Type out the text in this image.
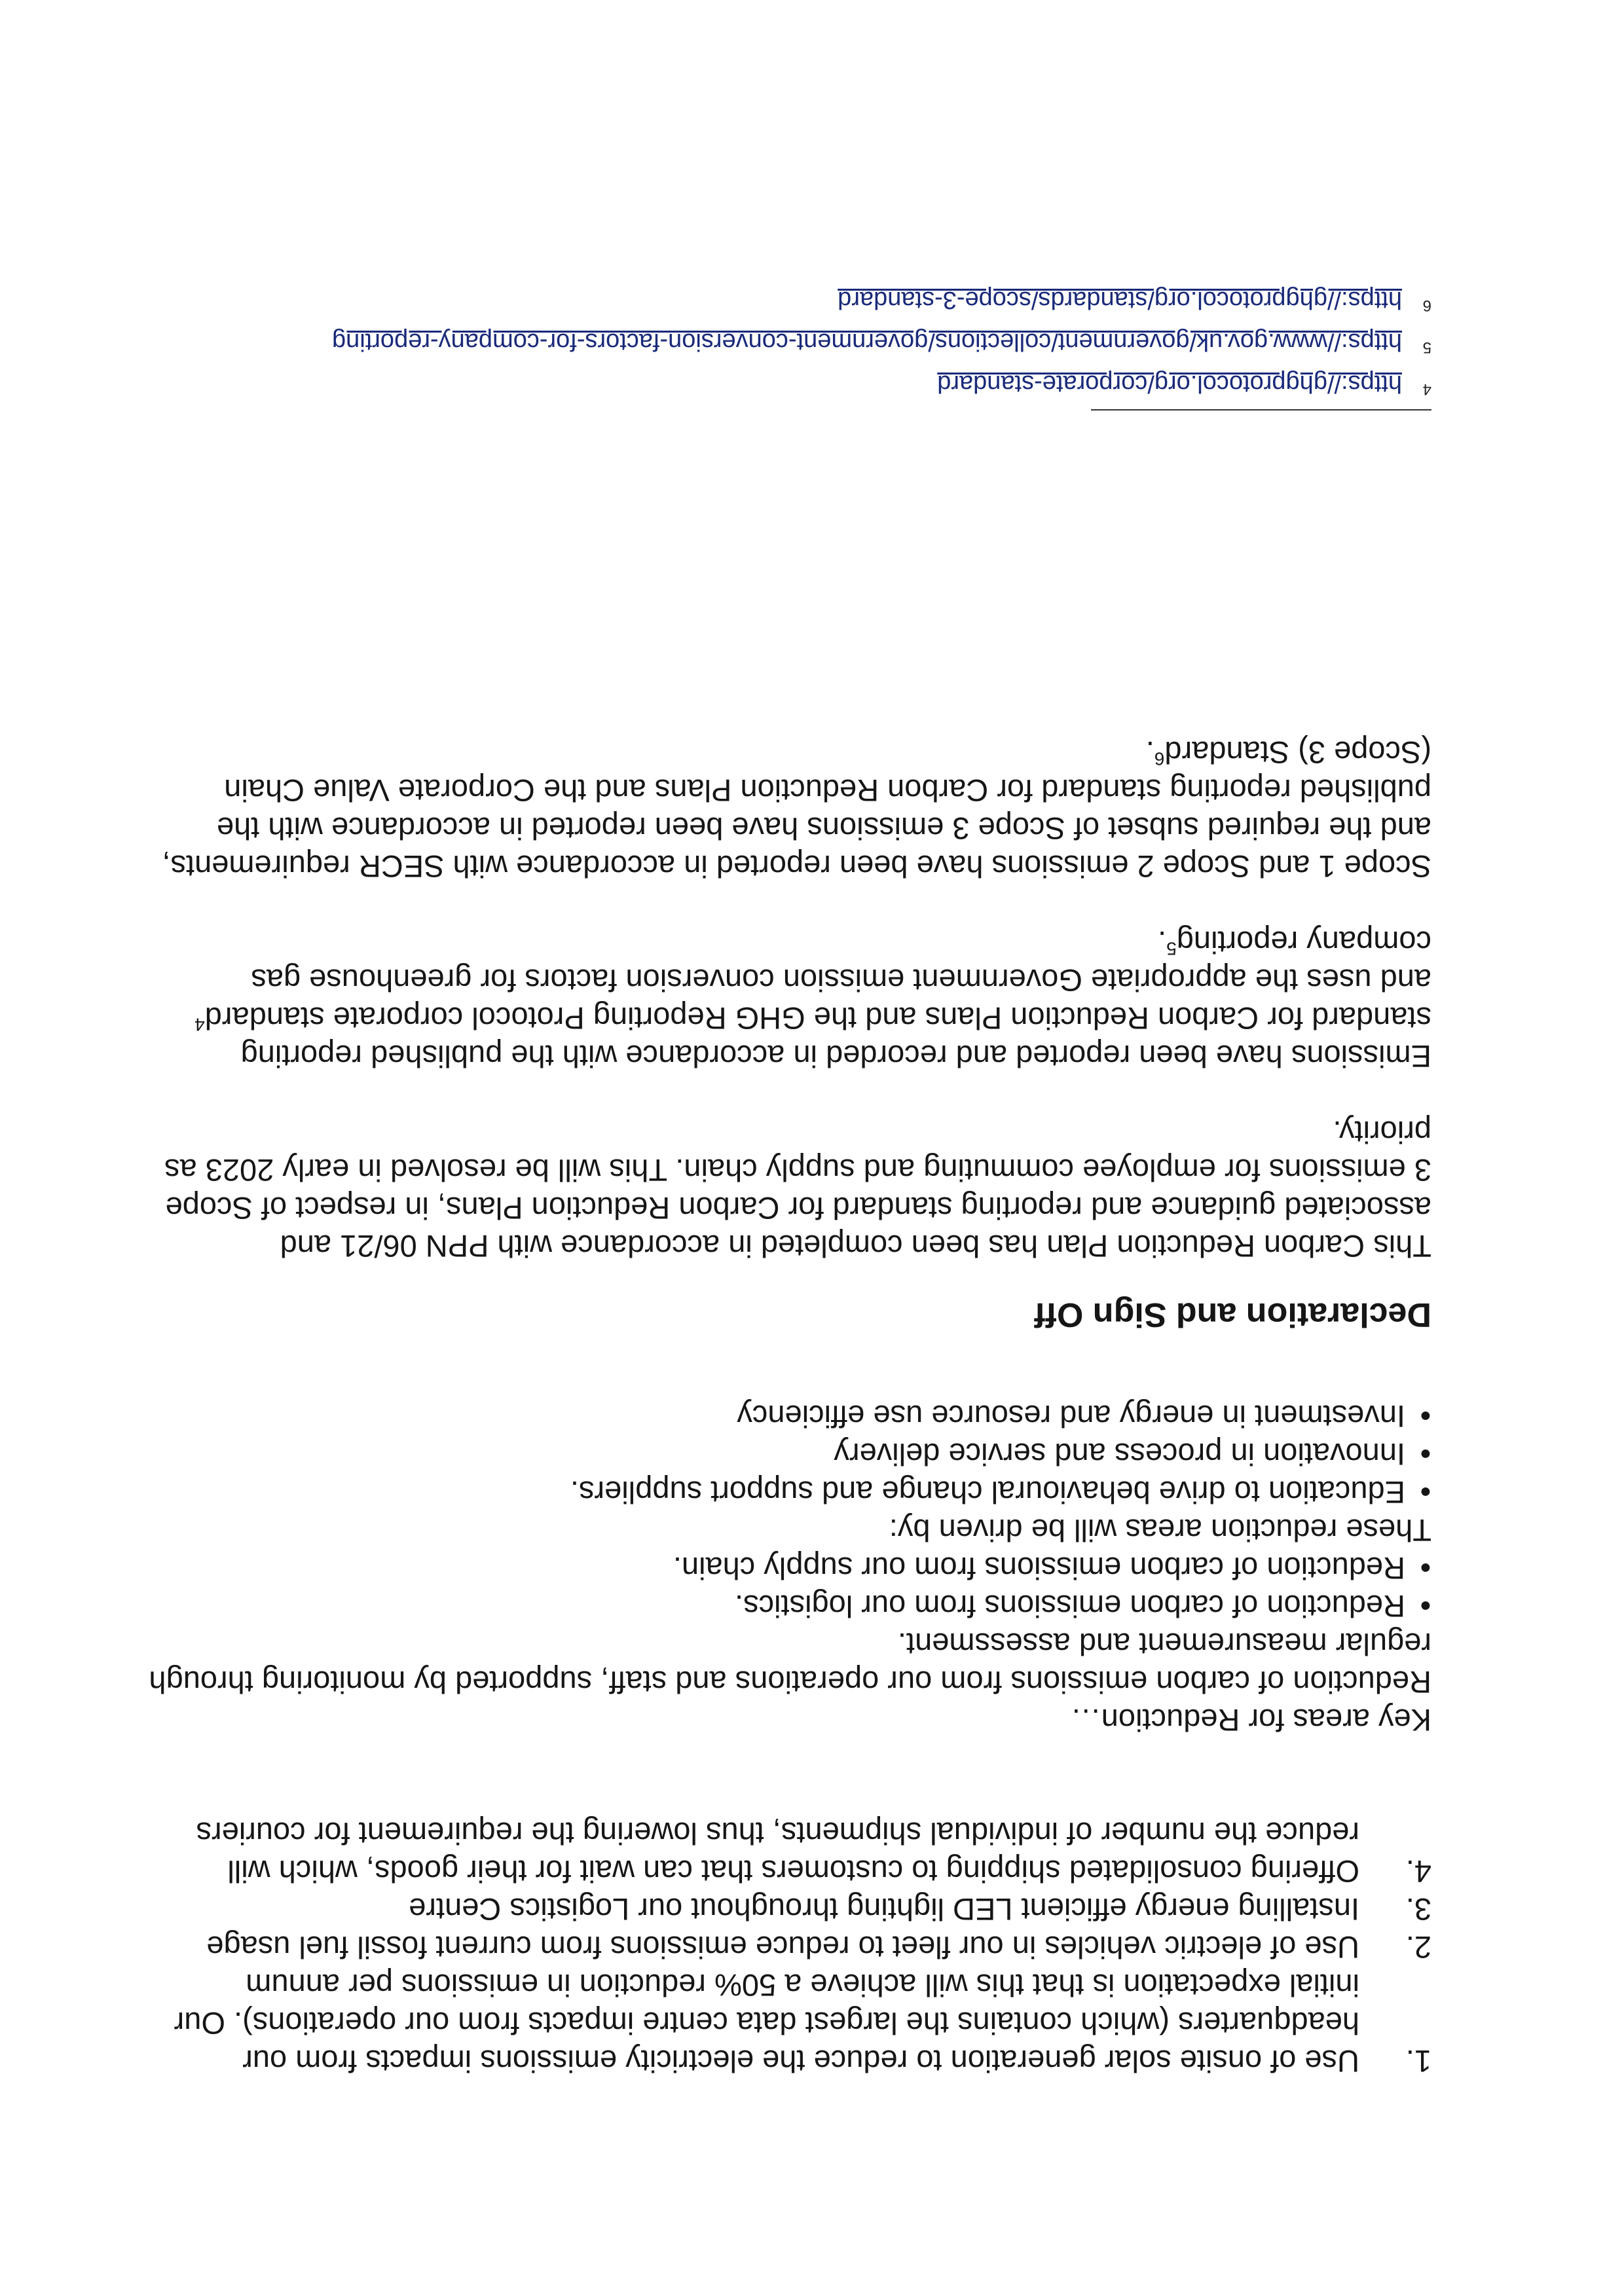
1.
Use of onsite solar generation to reduce the electricity emissions impacts from our headquarters (which contains the largest data centre impacts from our operations). Our initial expectation is that this will achieve a 50% reduction in emissions per annum
2.
Use of electric vehicles in our fleet to reduce emissions from current fossil fuel usage
3.
Installing energy efficient LED lighting throughout our Logistics Centre
4.
Offering consolidated shipping to customers that can wait for their goods, which will reduce the number of individual shipments, thus lowering the requirement for couriers

Key areas for Reduction…

Reduction of carbon emissions from our operations and staff, supported by monitoring through regular measurement and assessment.

●
Reduction of carbon emissions from our logistics.
●
Reduction of carbon emissions from our supply chain.

These reduction areas will be driven by:

●
Education to drive behavioural change and support suppliers.
●
Innovation in process and service delivery
●
Investment in energy and resource use efficiency
Declaration and Sign Off

This Carbon Reduction Plan has been completed in accordance with PPN 06/21 and associated guidance and reporting standard for Carbon Reduction Plans, in respect of Scope 3 emissions for employee commuting and supply chain. This will be resolved in early 2023 as priority.

Emissions have been reported and recorded in accordance with the published reporting standard for Carbon Reduction Plans and the GHG Reporting Protocol corporate standard$^4$ and uses the appropriate Government emission conversion factors for greenhouse gas company reporting$^5$.

Scope 1 and Scope 2 emissions have been reported in accordance with SECR requirements, and the required subset of Scope 3 emissions have been reported in accordance with the published reporting standard for Carbon Reduction Plans and the Corporate Value Chain (Scope 3) Standard$^6$.

4
https://ghgprotocol.org/corporate-standard
5
https://www.gov.uk/government/collections/government-conversion-factors-for-company-reporting
6
https://ghgprotocol.org/standards/scope-3-standard
